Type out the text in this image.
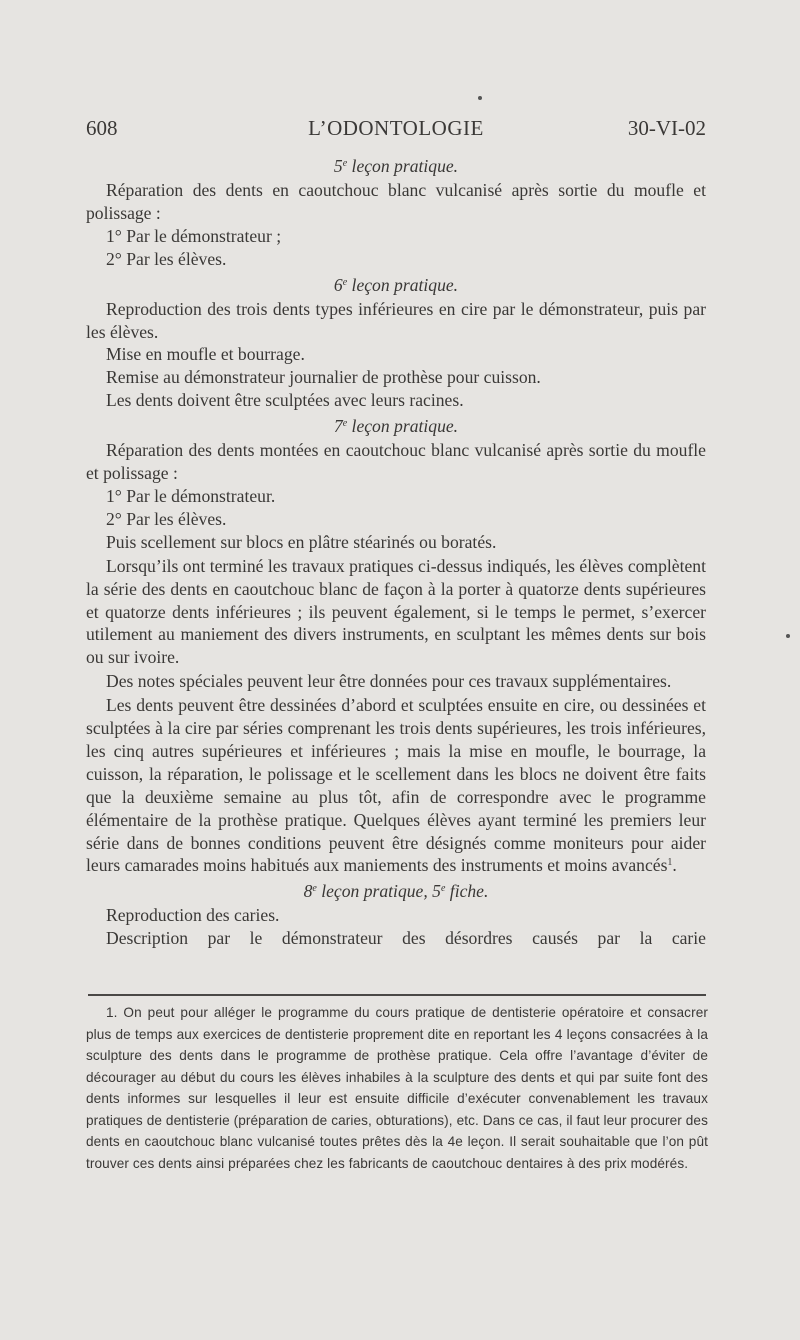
608	L’ODONTOLOGIE	30-VI-02
5e leçon pratique.

Réparation des dents en caoutchouc blanc vulcanisé après sortie du moufle et polissage :

1° Par le démonstrateur ;

2° Par les élèves.

6e leçon pratique.

Reproduction des trois dents types inférieures en cire par le démonstrateur, puis par les élèves.

Mise en moufle et bourrage.

Remise au démonstrateur journalier de prothèse pour cuisson.

Les dents doivent être sculptées avec leurs racines.

7e leçon pratique.

Réparation des dents montées en caoutchouc blanc vulcanisé après sortie du moufle et polissage :

1° Par le démonstrateur.

2° Par les élèves.

Puis scellement sur blocs en plâtre stéarinés ou boratés.

Lorsqu’ils ont terminé les travaux pratiques ci-dessus indiqués, les élèves complètent la série des dents en caoutchouc blanc de façon à la porter à quatorze dents supérieures et quatorze dents inférieures ; ils peuvent également, si le temps le permet, s’exercer utilement au maniement des divers instruments, en sculptant les mêmes dents sur bois ou sur ivoire.

Des notes spéciales peuvent leur être données pour ces travaux supplémentaires.

Les dents peuvent être dessinées d’abord et sculptées ensuite en cire, ou dessinées et sculptées à la cire par séries comprenant les trois dents supérieures, les trois inférieures, les cinq autres supérieures et inférieures ; mais la mise en moufle, le bourrage, la cuisson, la réparation, le polissage et le scellement dans les blocs ne doivent être faits que la deuxième semaine au plus tôt, afin de correspondre avec le programme élémentaire de la prothèse pratique. Quelques élèves ayant terminé les premiers leur série dans de bonnes conditions peuvent être désignés comme moniteurs pour aider leurs camarades moins habitués aux maniements des instruments et moins avancés$^1$.

8e leçon pratique, 5e fiche.

Reproduction des caries.

Description par le démonstrateur des désordres causés par la carie

1. On peut pour alléger le programme du cours pratique de dentisterie opératoire et consacrer plus de temps aux exercices de dentisterie proprement dite en reportant les 4 leçons consacrées à la sculpture des dents dans le programme de prothèse pratique. Cela offre l’avantage d’éviter de décourager au début du cours les élèves inhabiles à la sculpture des dents et qui par suite font des dents informes sur lesquelles il leur est ensuite difficile d’exécuter convenablement les travaux pratiques de dentisterie (préparation de caries, obturations), etc. Dans ce cas, il faut leur procurer des dents en caoutchouc blanc vulcanisé toutes prêtes dès la 4e leçon. Il serait souhaitable que l’on pût trouver ces dents ainsi préparées chez les fabricants de caoutchouc dentaires à des prix modérés.
